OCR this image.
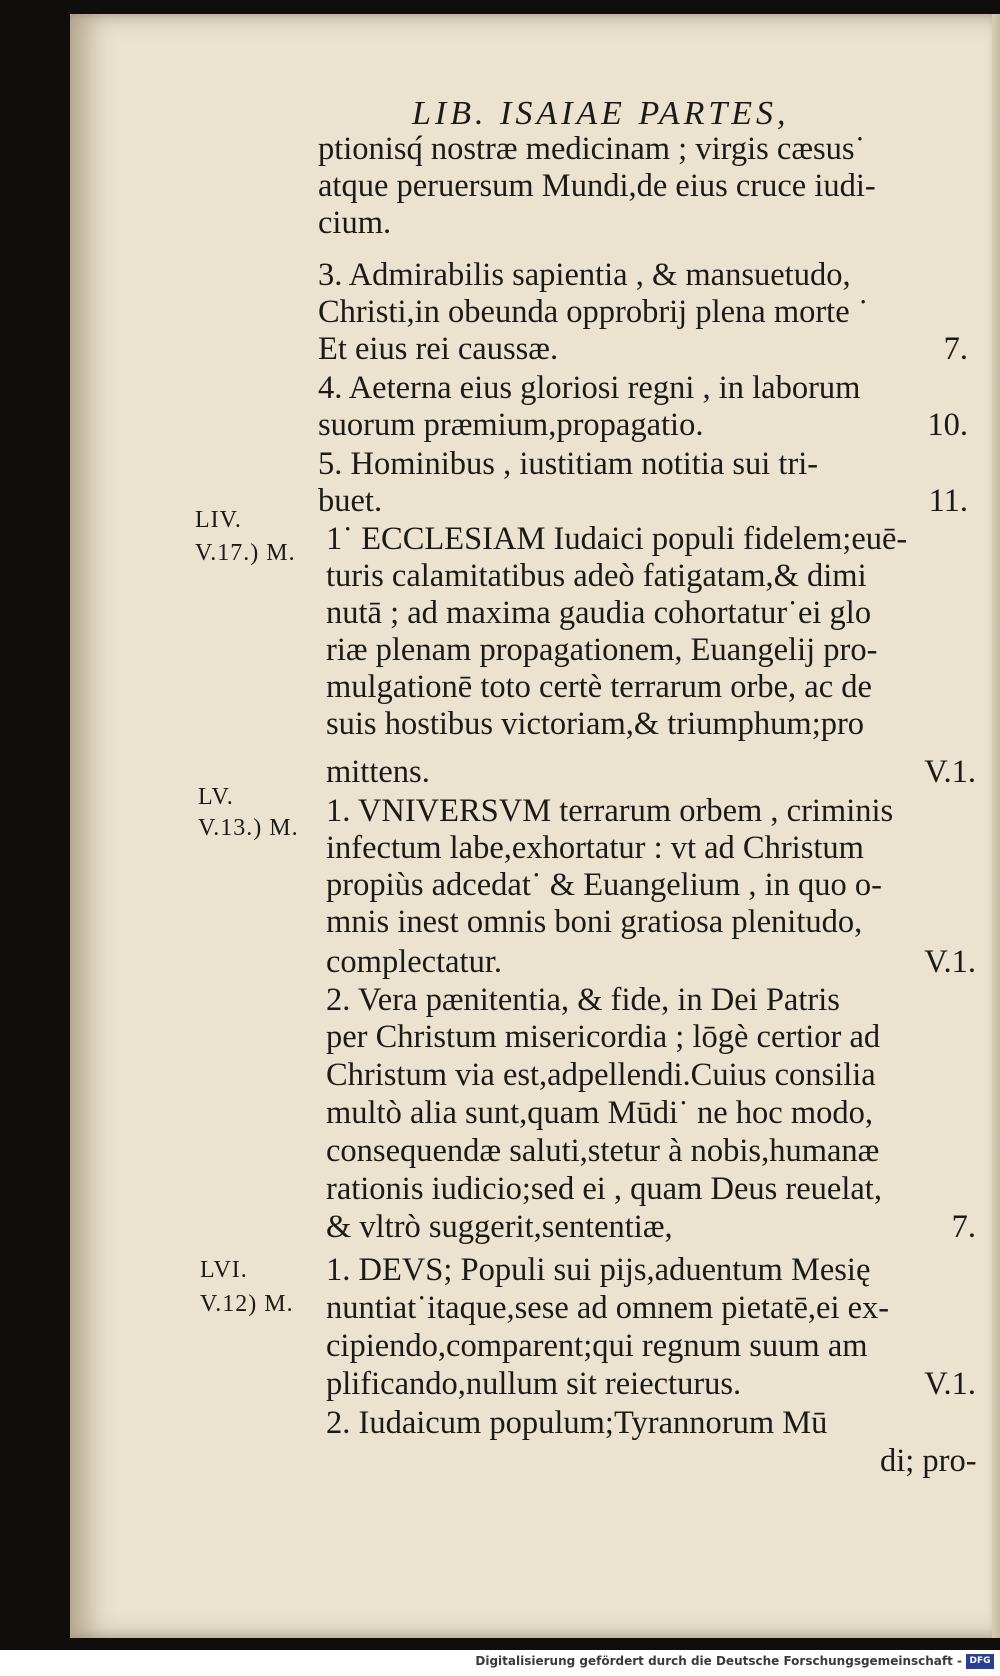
LIB. ISAIAE PARTES,
ptionisq́ nostræ medicinam ; virgis cæsus˙
atque peruersum Mundi,de eius cruce iudi-
cium.
3. Admirabilis sapientia , & mansuetudo,
Christi,in obeunda opprobrij plena morte ˙
Et eius rei caussæ.	7.
4. Aeterna eius gloriosi regni , in laborum
suorum præmium,propagatio.	10.
5. Hominibus , iustitiam notitia sui tri-
buet.	11.
1˙ ECCLESIAM Iudaici populi fidelem;euē-
turis calamitatibus adeò fatigatam,& dimi
nutā ; ad maxima gaudia cohortatur˙ei glo
riæ plenam propagationem, Euangelij pro-
mulgationē toto certè terrarum orbe, ac de
suis hostibus victoriam,& triumphum;pro
mittens.	V.1.
1. VNIVERSVM terrarum orbem , criminis
infectum labe,exhortatur : vt ad Christum
propiùs adcedat˙ & Euangelium , in quo o-
mnis inest omnis boni gratiosa plenitudo,
complectatur.	V.1.
2. Vera pænitentia, & fide, in Dei Patris
per Christum misericordia ; lōgè certior ad
Christum via est,adpellendi.Cuius consilia
multò alia sunt,quam Mūdi˙ ne hoc modo,
consequendæ saluti,stetur à nobis,humanæ
rationis iudicio;sed ei , quam Deus reuelat,
& vltrò suggerit,sententiæ,	7.
1. DEVS; Populi sui pijs,aduentum Mesię
nuntiat˙itaque,sese ad omnem pietatē,ei ex-
cipiendo,comparent;qui regnum suum am
plificando,nullum sit reiecturus.	V.1.
2. Iudaicum populum;Tyrannorum Mū
di; pro-
LIV.
V.17.) M.
LV.
V.13.) M.
LVI.
V.12) M.
Digitalisierung gefördert durch die Deutsche Forschungsgemeinschaft - DFG
